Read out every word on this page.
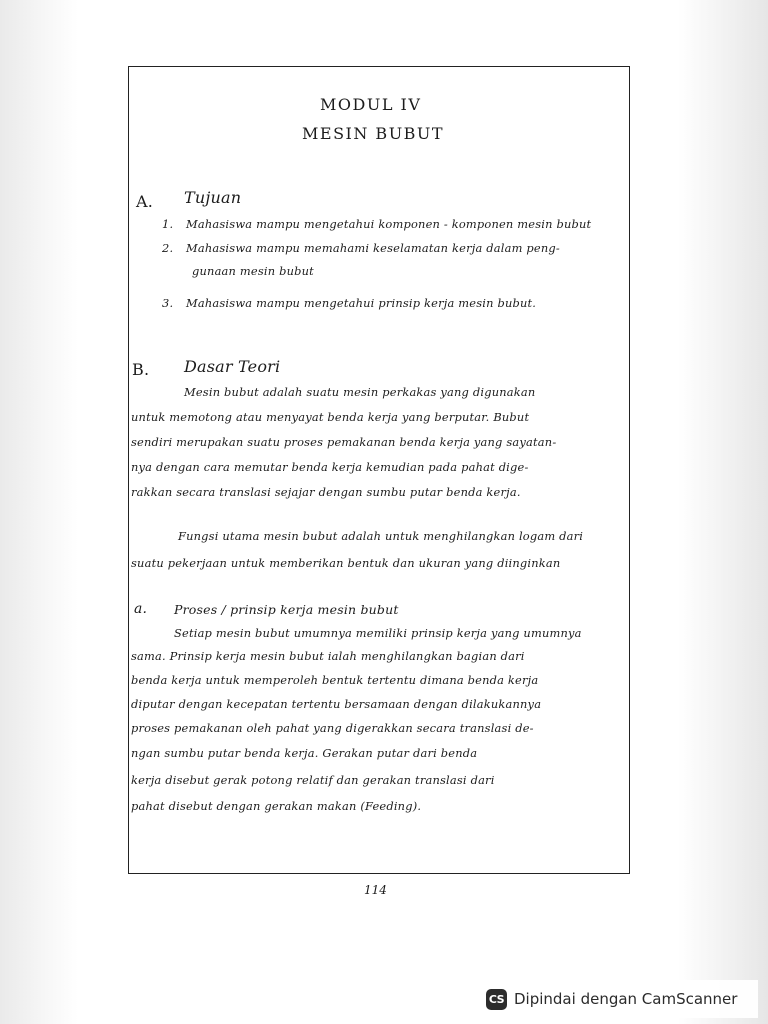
MODUL IV
MESIN BUBUT
A. Tujuan
1. Mahasiswa mampu mengetahui komponen - komponen mesin bubut
2. Mahasiswa mampu memahami keselamatan kerja dalam peng-
gunaan mesin bubut
3. Mahasiswa mampu mengetahui prinsip kerja mesin bubut.
B. Dasar Teori
Mesin bubut adalah suatu mesin perkakas yang digunakan
untuk memotong atau menyayat benda kerja yang berputar. Bubut
sendiri merupakan suatu proses pemakanan benda kerja yang sayatan-
nya dengan cara memutar benda kerja kemudian pada pahat dige-
rakkan secara translasi sejajar dengan sumbu putar benda kerja.
Fungsi utama mesin bubut adalah untuk menghilangkan logam dari
suatu pekerjaan untuk memberikan bentuk dan ukuran yang diinginkan
a. Proses / prinsip kerja mesin bubut
Setiap mesin bubut umumnya memiliki prinsip kerja yang umumnya
sama. Prinsip kerja mesin bubut ialah menghilangkan bagian dari
benda kerja untuk memperoleh bentuk tertentu dimana benda kerja
diputar dengan kecepatan tertentu bersamaan dengan dilakukannya
proses pemakanan oleh pahat yang digerakkan secara translasi de-
ngan sumbu putar benda kerja. Gerakan putar dari benda
kerja disebut gerak potong relatif dan gerakan translasi dari
pahat disebut dengan gerakan makan (Feeding).
114
CS Dipindai dengan CamScanner
